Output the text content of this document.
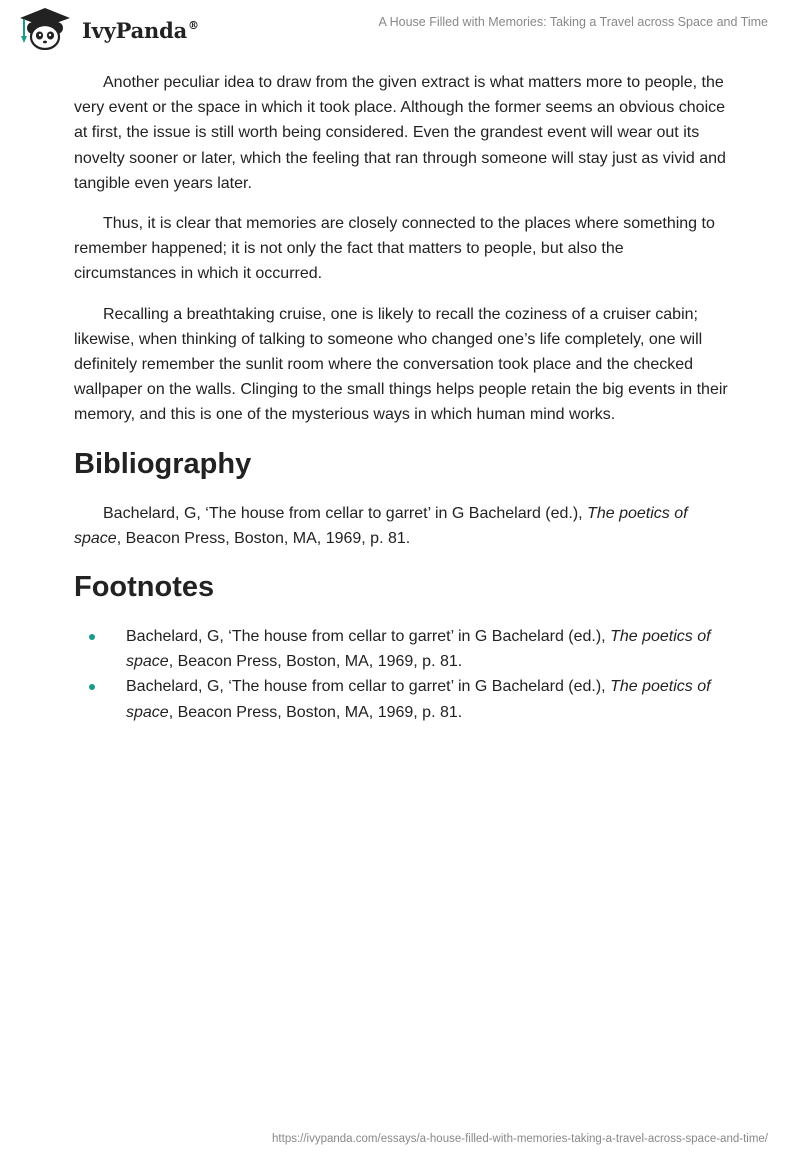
IvyPanda®	A House Filled with Memories: Taking a Travel across Space and Time

Another peculiar idea to draw from the given extract is what matters more to people, the very event or the space in which it took place. Although the former seems an obvious choice at first, the issue is still worth being considered. Even the grandest event will wear out its novelty sooner or later, which the feeling that ran through someone will stay just as vivid and tangible even years later.

Thus, it is clear that memories are closely connected to the places where something to remember happened; it is not only the fact that matters to people, but also the circumstances in which it occurred.

Recalling a breathtaking cruise, one is likely to recall the coziness of a cruiser cabin; likewise, when thinking of talking to someone who changed one’s life completely, one will definitely remember the sunlit room where the conversation took place and the checked wallpaper on the walls. Clinging to the small things helps people retain the big events in their memory, and this is one of the mysterious ways in which human mind works.

Bibliography

Bachelard, G, ‘The house from cellar to garret’ in G Bachelard (ed.), The poetics of space, Beacon Press, Boston, MA, 1969, p. 81.

Footnotes
Bachelard, G, ‘The house from cellar to garret’ in G Bachelard (ed.), The poetics of space, Beacon Press, Boston, MA, 1969, p. 81.
Bachelard, G, ‘The house from cellar to garret’ in G Bachelard (ed.), The poetics of space, Beacon Press, Boston, MA, 1969, p. 81.
https://ivypanda.com/essays/a-house-filled-with-memories-taking-a-travel-across-space-and-time/
